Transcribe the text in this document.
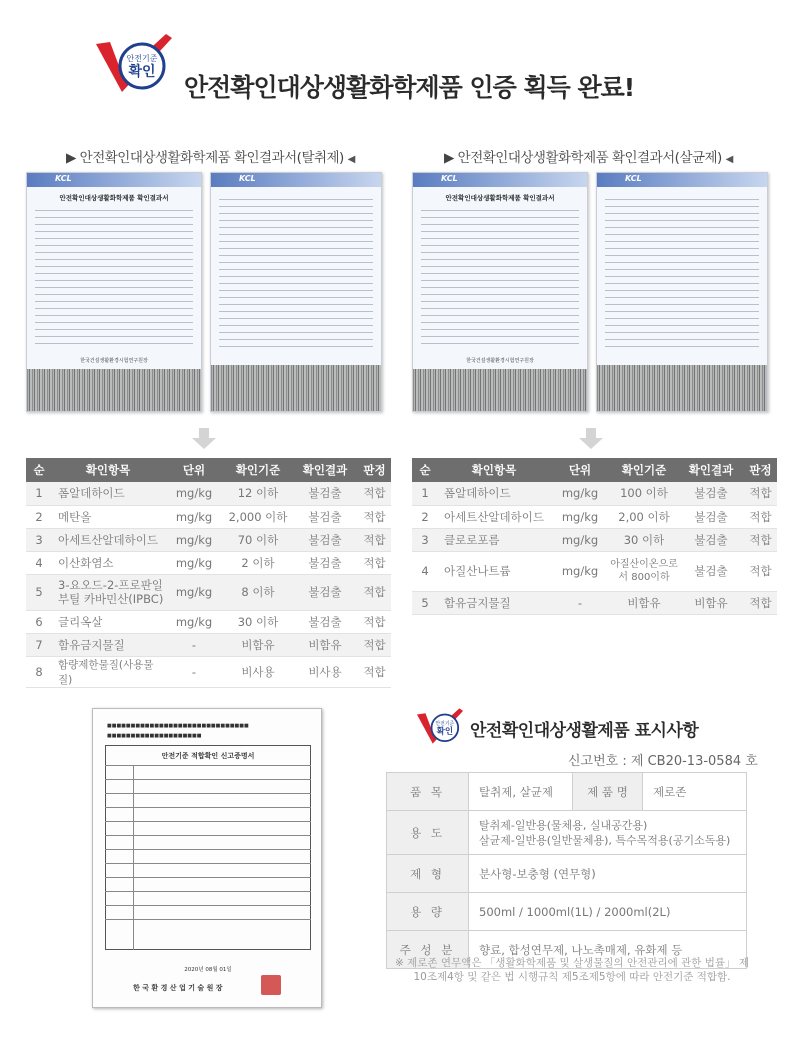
안전기준
확인
안전확인대상생활화학제품 인증 획득 완료!
▶ 안전확인대상생활화학제품 확인결과서(탈취제) ◀	▶ 안전확인대상생활화학제품 확인결과서(살균제) ◀
KCL
안전확인대상생활화학제품 확인결과서
한국건설생활환경시험연구원장
KCL	KCL
안전확인대상생활화학제품 확인결과서
한국건설생활환경시험연구원장
KCL
순	확인항목	단위	확인기준	확인결과	판정
1	폼알데하이드	mg/kg	12 이하	불검출	적합
2	메탄올	mg/kg	2,000 이하	불검출	적합
3	아세트산알데하이드	mg/kg	70 이하	불검출	적합
4	이산화염소	mg/kg	2 이하	불검출	적합
5	3-요오드-2-프로판일 부틸 카바민산(IPBC)	mg/kg	8 이하	불검출	적합
6	글리옥살	mg/kg	30 이하	불검출	적합
7	함유금지물질	-	비함유	비함유	적합
8	함량제한물질(사용물질)	-	비사용	비사용	적합
순	확인항목	단위	확인기준	확인결과	판정
1	폼알데하이드	mg/kg	100 이하	불검출	적합
2	아세트산알데하이드	mg/kg	2,00 이하	불검출	적합
3	클로로포름	mg/kg	30 이하	불검출	적합
4	아질산나트륨	mg/kg	아질산이온으로서 800이하	불검출	적합
5	함유금지물질	-	비함유	비함유	적합
■■■■■■■■■■■■■■■■■■■■■■■■■■■■■■
■■■■■■■■■■■■■■■■■■■■
안전기준 적합확인 신고증명서
2020년 08월 01일
한 국 환 경 산 업 기 술 원 장
안전기준
확인 안전확인대상생활제품 표시사항
신고번호 : 제 CB20-13-0584 호
품 목	탈취제, 살균제	제 품 명	제로존
용 도	탈취제-일반용(물체용, 실내공간용)
살균제-일반용(일반물체용), 특수목적용(공기소독용)		

제 형	분사형-보충형 (연무형)		
용 량	500ml / 1000ml(1L) / 2000ml(2L)		
주 성 분	향료, 합성연무제, 나노촉매제, 유화제 등		
※ 제로존 연무액은 「생활화학제품 및 살생물질의 안전관리에 관한 법률」 제 10조제4항 및 같은 법 시행규칙 제5조제5항에 따라 안전기준 적합함.
